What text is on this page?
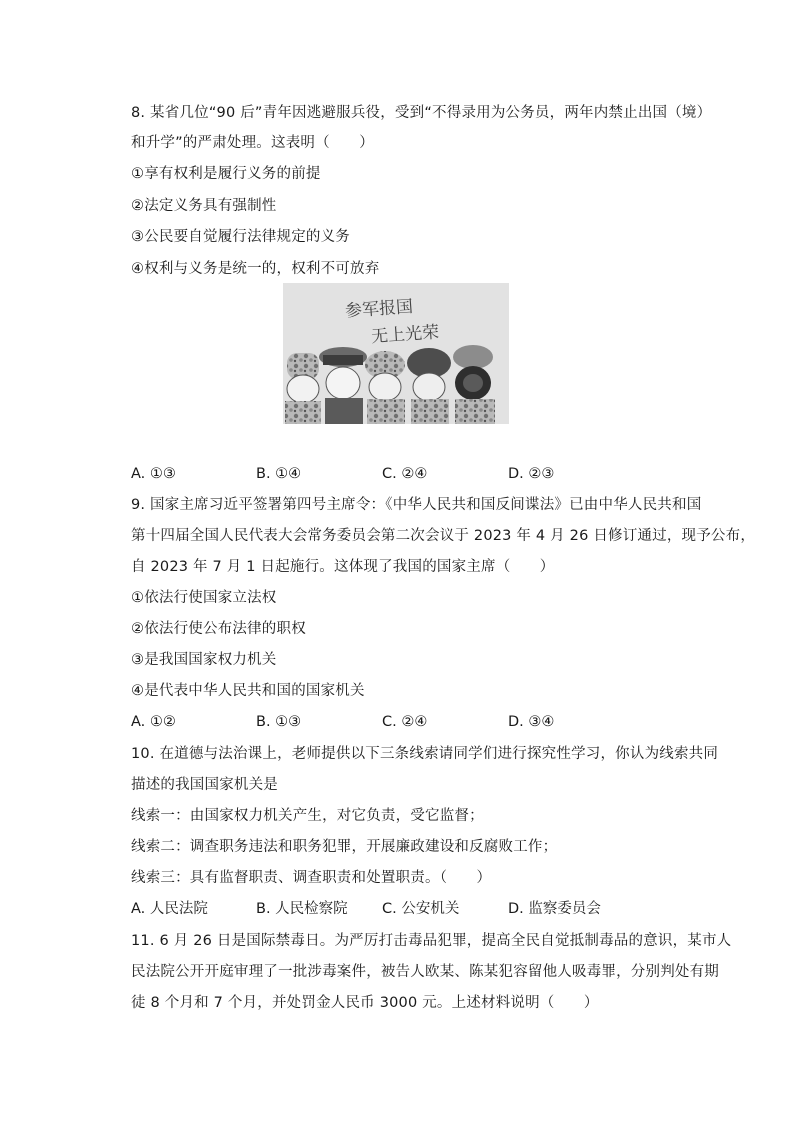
8. 某省几位“90 后”青年因逃避服兵役，受到“不得录用为公务员，两年内禁止出国（境）
和升学”的严肃处理。这表明（　　）
①享有权利是履行义务的前提
②法定义务具有强制性
③公民要自觉履行法律规定的义务
④权利与义务是统一的，权利不可放弃
参军报国
无上光荣
A. ①③	B. ①④	C. ②④	D. ②③
9. 国家主席习近平签署第四号主席令：《中华人民共和国反间谍法》已由中华人民共和国
第十四届全国人民代表大会常务委员会第二次会议于 2023 年 4 月 26 日修订通过，现予公布，
自 2023 年 7 月 1 日起施行。这体现了我国的国家主席（　　）
①依法行使国家立法权
②依法行使公布法律的职权
③是我国国家权力机关
④是代表中华人民共和国的国家机关
A. ①②	B. ①③	C. ②④	D. ③④
10. 在道德与法治课上，老师提供以下三条线索请同学们进行探究性学习，你认为线索共同
描述的我国国家机关是
线索一：由国家权力机关产生，对它负责，受它监督；
线索二：调查职务违法和职务犯罪，开展廉政建设和反腐败工作；
线索三：具有监督职责、调查职责和处置职责。（　　）
A. 人民法院	B. 人民检察院 C. 公安机关	D. 监察委员会
11. 6 月 26 日是国际禁毒日。为严厉打击毒品犯罪，提高全民自觉抵制毒品的意识，某市人
民法院公开开庭审理了一批涉毒案件，被告人欧某、陈某犯容留他人吸毒罪，分别判处有期
徒 8 个月和 7 个月，并处罚金人民币 3000 元。上述材料说明（　　）
